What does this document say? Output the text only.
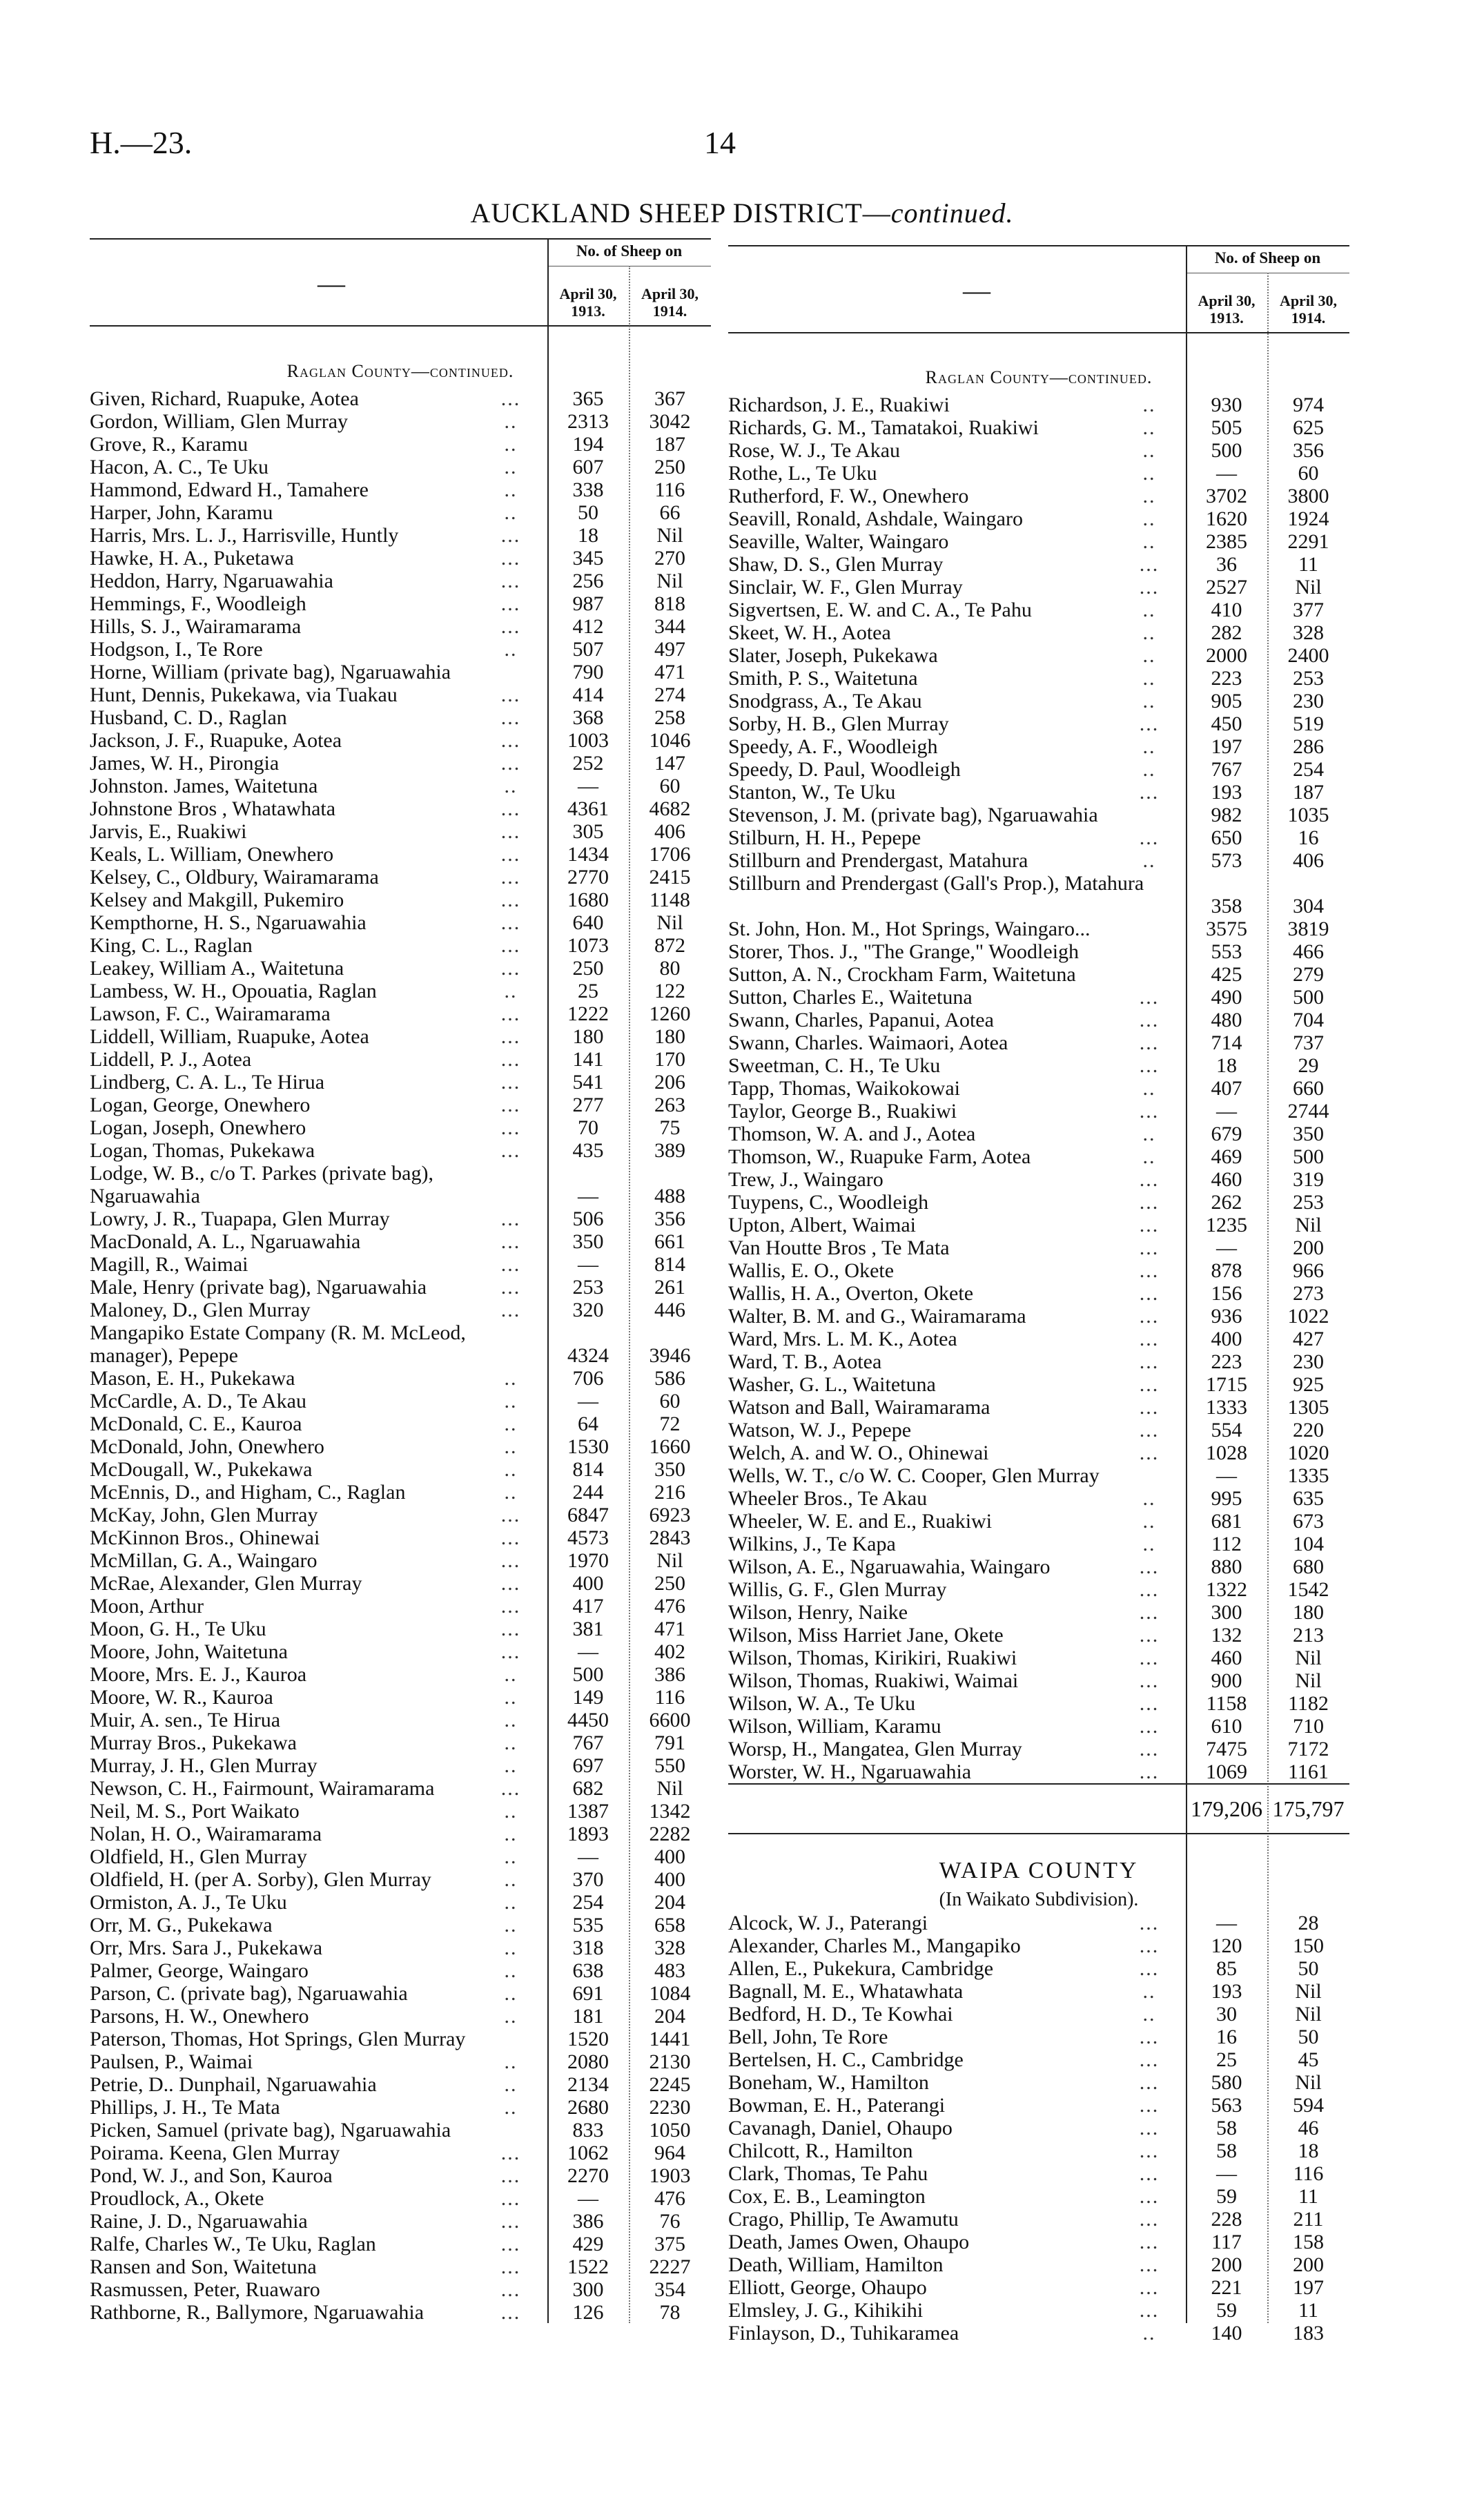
H.—23.	14
AUCKLAND SHEEP DISTRICT—continued.
—
No. of Sheep on
April 30, 1913.
April 30, 1914.
Raglan County—continued.
Given, Richard, Ruapuke, Aotea	...	365	367
Gordon, William, Glen Murray	..	2313	3042
Grove, R., Karamu	..	194	187
Hacon, A. C., Te Uku	..	607	250
Hammond, Edward H., Tamahere	..	338	116
Harper, John, Karamu	..	50	66
Harris, Mrs. L. J., Harrisville, Huntly	...	18	Nil
Hawke, H. A., Puketawa	...	345	270
Heddon, Harry, Ngaruawahia	...	256	Nil
Hemmings, F., Woodleigh	...	987	818
Hills, S. J., Wairamarama	...	412	344
Hodgson, I., Te Rore	..	507	497
Horne, William (private bag), Ngaruawahia	790	471
Hunt, Dennis, Pukekawa, via Tuakau	...	414	274
Husband, C. D., Raglan	...	368	258
Jackson, J. F., Ruapuke, Aotea	...	1003	1046
James, W. H., Pirongia	...	252	147
Johnston. James, Waitetuna	..	—	60
Johnstone Bros , Whatawhata	...	4361	4682
Jarvis, E., Ruakiwi	...	305	406
Keals, L. William, Onewhero	...	1434	1706
Kelsey, C., Oldbury, Wairamarama	...	2770	2415
Kelsey and Makgill, Pukemiro	...	1680	1148
Kempthorne, H. S., Ngaruawahia	...	640	Nil
King, C. L., Raglan	...	1073	872
Leakey, William A., Waitetuna	...	250	80
Lambess, W. H., Opouatia, Raglan	..	25	122
Lawson, F. C., Wairamarama	...	1222	1260
Liddell, William, Ruapuke, Aotea	...	180	180
Liddell, P. J., Aotea	...	141	170
Lindberg, C. A. L., Te Hirua	...	541	206
Logan, George, Onewhero	...	277	263
Logan, Joseph, Onewhero	...	70	75
Logan, Thomas, Pukekawa	...	435	389
Lodge, W. B., c/o T. Parkes (private bag), Ngaruawahia	—	488
Lowry, J. R., Tuapapa, Glen Murray	...	506	356
MacDonald, A. L., Ngaruawahia	...	350	661
Magill, R., Waimai	...	—	814
Male, Henry (private bag), Ngaruawahia	...	253	261
Maloney, D., Glen Murray	...	320	446
Mangapiko Estate Company (R. M. McLeod, manager), Pepepe	4324	3946
Mason, E. H., Pukekawa	..	706	586
McCardle, A. D., Te Akau	..	—	60
McDonald, C. E., Kauroa	..	64	72
McDonald, John, Onewhero	..	1530	1660
McDougall, W., Pukekawa	..	814	350
McEnnis, D., and Higham, C., Raglan	..	244	216
McKay, John, Glen Murray	...	6847	6923
McKinnon Bros., Ohinewai	...	4573	2843
McMillan, G. A., Waingaro	...	1970	Nil
McRae, Alexander, Glen Murray	...	400	250
Moon, Arthur	...	417	476
Moon, G. H., Te Uku	...	381	471
Moore, John, Waitetuna	...	—	402
Moore, Mrs. E. J., Kauroa	..	500	386
Moore, W. R., Kauroa	..	149	116
Muir, A. sen., Te Hirua	..	4450	6600
Murray Bros., Pukekawa	..	767	791
Murray, J. H., Glen Murray	..	697	550
Newson, C. H., Fairmount, Wairamarama	...	682	Nil
Neil, M. S., Port Waikato	..	1387	1342
Nolan, H. O., Wairamarama	..	1893	2282
Oldfield, H., Glen Murray	..	—	400
Oldfield, H. (per A. Sorby), Glen Murray	..	370	400
Ormiston, A. J., Te Uku	..	254	204
Orr, M. G., Pukekawa	..	535	658
Orr, Mrs. Sara J., Pukekawa	..	318	328
Palmer, George, Waingaro	..	638	483
Parson, C. (private bag), Ngaruawahia	..	691	1084
Parsons, H. W., Onewhero	..	181	204
Paterson, Thomas, Hot Springs, Glen Murray	1520	1441
Paulsen, P., Waimai	..	2080	2130
Petrie, D.. Dunphail, Ngaruawahia	..	2134	2245
Phillips, J. H., Te Mata	..	2680	2230
Picken, Samuel (private bag), Ngaruawahia	833	1050
Poirama. Keena, Glen Murray	...	1062	964
Pond, W. J., and Son, Kauroa	...	2270	1903
Proudlock, A., Okete	...	—	476
Raine, J. D., Ngaruawahia	...	386	76
Ralfe, Charles W., Te Uku, Raglan	...	429	375
Ransen and Son, Waitetuna	...	1522	2227
Rasmussen, Peter, Ruawaro	...	300	354
Rathborne, R., Ballymore, Ngaruawahia	...	126	78
—
No. of Sheep on
April 30, 1913.
April 30, 1914.
Raglan County—continued.
Richardson, J. E., Ruakiwi	..	930	974
Richards, G. M., Tamatakoi, Ruakiwi	..	505	625
Rose, W. J., Te Akau	..	500	356
Rothe, L., Te Uku	..	—	60
Rutherford, F. W., Onewhero	..	3702	3800
Seavill, Ronald, Ashdale, Waingaro	..	1620	1924
Seaville, Walter, Waingaro	..	2385	2291
Shaw, D. S., Glen Murray	...	36	11
Sinclair, W. F., Glen Murray	...	2527	Nil
Sigvertsen, E. W. and C. A., Te Pahu	..	410	377
Skeet, W. H., Aotea	..	282	328
Slater, Joseph, Pukekawa	..	2000	2400
Smith, P. S., Waitetuna	..	223	253
Snodgrass, A., Te Akau	..	905	230
Sorby, H. B., Glen Murray	...	450	519
Speedy, A. F., Woodleigh	..	197	286
Speedy, D. Paul, Woodleigh	..	767	254
Stanton, W., Te Uku	...	193	187
Stevenson, J. M. (private bag), Ngaruawahia	982	1035
Stilburn, H. H., Pepepe	...	650	16
Stillburn and Prendergast, Matahura	..	573	406
Stillburn and Prendergast (Gall's Prop.), Matahura
358	304
St. John, Hon. M., Hot Springs, Waingaro...	3575	3819
Storer, Thos. J., "The Grange," Woodleigh	553	466
Sutton, A. N., Crockham Farm, Waitetuna	425	279
Sutton, Charles E., Waitetuna	...	490	500
Swann, Charles, Papanui, Aotea	...	480	704
Swann, Charles. Waimaori, Aotea	...	714	737
Sweetman, C. H., Te Uku	...	18	29
Tapp, Thomas, Waikokowai	..	407	660
Taylor, George B., Ruakiwi	...	—	2744
Thomson, W. A. and J., Aotea	..	679	350
Thomson, W., Ruapuke Farm, Aotea	..	469	500
Trew, J., Waingaro	...	460	319
Tuypens, C., Woodleigh	...	262	253
Upton, Albert, Waimai	...	1235	Nil
Van Houtte Bros , Te Mata	...	—	200
Wallis, E. O., Okete	...	878	966
Wallis, H. A., Overton, Okete	...	156	273
Walter, B. M. and G., Wairamarama	...	936	1022
Ward, Mrs. L. M. K., Aotea	...	400	427
Ward, T. B., Aotea	...	223	230
Washer, G. L., Waitetuna	...	1715	925
Watson and Ball, Wairamarama	...	1333	1305
Watson, W. J., Pepepe	...	554	220
Welch, A. and W. O., Ohinewai	...	1028	1020
Wells, W. T., c/o W. C. Cooper, Glen Murray	—	1335
Wheeler Bros., Te Akau	..	995	635
Wheeler, W. E. and E., Ruakiwi	..	681	673
Wilkins, J., Te Kapa	..	112	104
Wilson, A. E., Ngaruawahia, Waingaro	...	880	680
Willis, G. F., Glen Murray	...	1322	1542
Wilson, Henry, Naike	...	300	180
Wilson, Miss Harriet Jane, Okete	...	132	213
Wilson, Thomas, Kirikiri, Ruakiwi	...	460	Nil
Wilson, Thomas, Ruakiwi, Waimai	...	900	Nil
Wilson, W. A., Te Uku	...	1158	1182
Wilson, William, Karamu	...	610	710
Worsp, H., Mangatea, Glen Murray	...	7475	7172
Worster, W. H., Ngaruawahia	...	1069	1161
179,206 175,797
WAIPA COUNTY
(In Waikato Subdivision).
Alcock, W. J., Paterangi	...	—	28
Alexander, Charles M., Mangapiko	...	120	150
Allen, E., Pukekura, Cambridge	...	85	50
Bagnall, M. E., Whatawhata	..	193	Nil
Bedford, H. D., Te Kowhai	..	30	Nil
Bell, John, Te Rore	...	16	50
Bertelsen, H. C., Cambridge	...	25	45
Boneham, W., Hamilton	...	580	Nil
Bowman, E. H., Paterangi	...	563	594
Cavanagh, Daniel, Ohaupo	...	58	46
Chilcott, R., Hamilton	...	58	18
Clark, Thomas, Te Pahu	...	—	116
Cox, E. B., Leamington	...	59	11
Crago, Phillip, Te Awamutu	...	228	211
Death, James Owen, Ohaupo	...	117	158
Death, William, Hamilton	...	200	200
Elliott, George, Ohaupo	...	221	197
Elmsley, J. G., Kihikihi	...	59	11
Finlayson, D., Tuhikaramea	..	140	183
